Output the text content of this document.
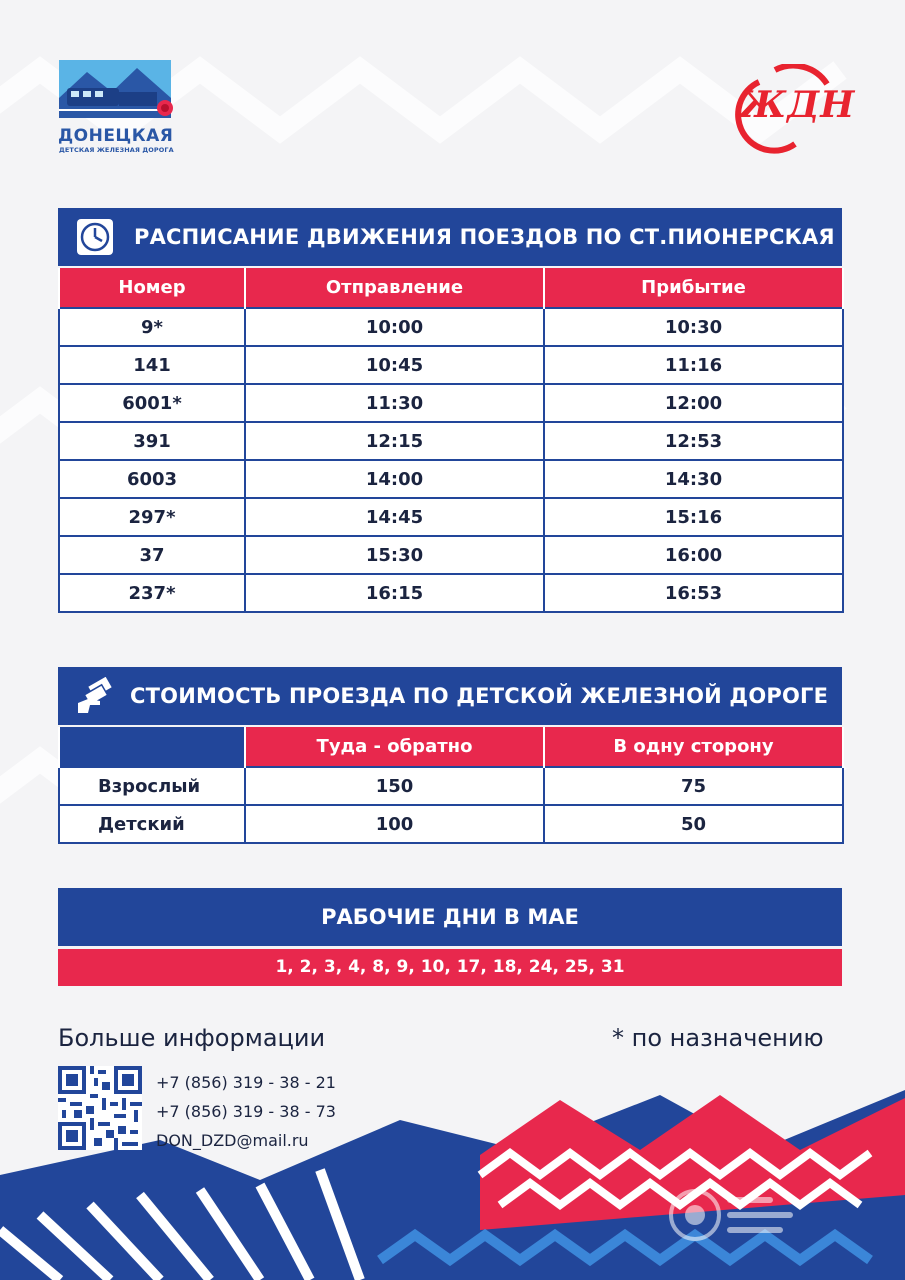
ДОНЕЦКАЯ
ДЕТСКАЯ ЖЕЛЕЗНАЯ ДОРОГА
ЖДН
РАСПИСАНИЕ ДВИЖЕНИЯ ПОЕЗДОВ ПО СТ.ПИОНЕРСКАЯ
Номер	Отправление	Прибытие
9*	10:00	10:30
141	10:45	11:16
6001*	11:30	12:00
391	12:15	12:53
6003	14:00	14:30
297*	14:45	15:16
37	15:30	16:00
237*	16:15	16:53
СТОИМОСТЬ ПРОЕЗДА ПО ДЕТСКОЙ ЖЕЛЕЗНОЙ ДОРОГЕ
	Туда - обратно	В одну сторону
Взрослый	150	75
Детский	100	50
РАБОЧИЕ ДНИ В МАЕ
1, 2, 3, 4, 8, 9, 10, 17, 18, 24, 25, 31
Больше информации	* по назначению
+7 (856) 319 - 38 - 21
+7 (856) 319 - 38 - 73
DON_DZD@mail.ru
